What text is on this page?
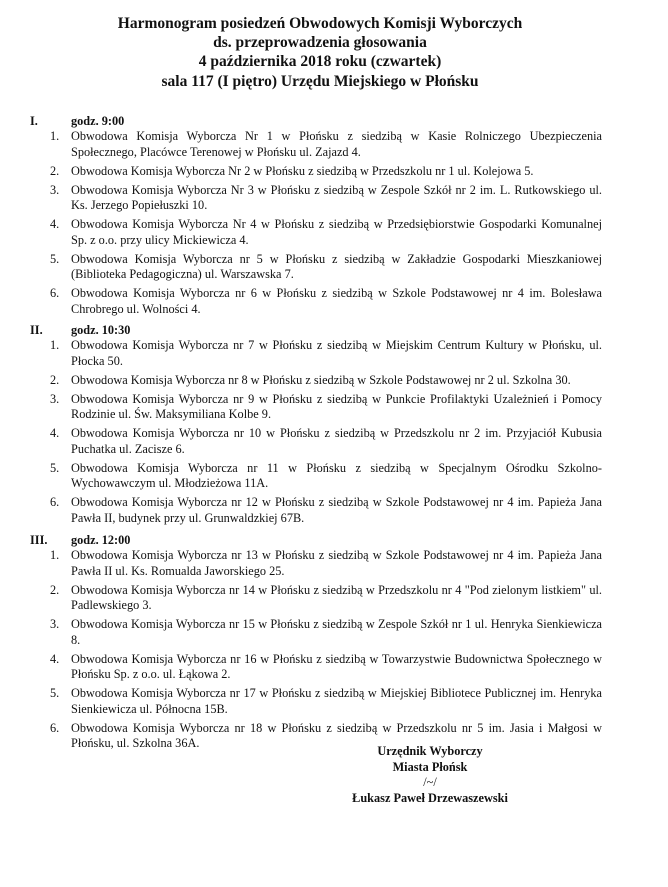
Harmonogram posiedzeń Obwodowych Komisji Wyborczych
ds. przeprowadzenia głosowania
4 października 2018 roku (czwartek)
sala 117 (I piętro) Urzędu Miejskiego w Płońsku
I.	godz. 9:00
1. Obwodowa Komisja Wyborcza Nr 1 w Płońsku z siedzibą w Kasie Rolniczego Ubezpieczenia Społecznego, Placówce Terenowej w Płońsku ul. Zajazd 4.
2. Obwodowa Komisja Wyborcza Nr 2 w Płońsku z siedzibą w Przedszkolu nr 1 ul. Kolejowa 5.
3. Obwodowa Komisja Wyborcza Nr 3 w Płońsku z siedzibą w Zespole Szkół nr 2 im. L. Rutkowskiego ul. Ks. Jerzego Popiełuszki 10.
4. Obwodowa Komisja Wyborcza Nr 4 w Płońsku z siedzibą w Przedsiębiorstwie Gospodarki Komunalnej Sp. z o.o. przy ulicy Mickiewicza 4.
5. Obwodowa Komisja Wyborcza nr 5 w Płońsku z siedzibą w Zakładzie Gospodarki Mieszkaniowej (Biblioteka Pedagogiczna) ul. Warszawska 7.
6. Obwodowa Komisja Wyborcza nr 6 w Płońsku z siedzibą w Szkole Podstawowej nr 4 im. Bolesława Chrobrego ul. Wolności 4.
II. godz. 10:30
1. Obwodowa Komisja Wyborcza nr 7 w Płońsku z siedzibą w Miejskim Centrum Kultury w Płońsku, ul. Płocka 50.
2. Obwodowa Komisja Wyborcza nr 8 w Płońsku z siedzibą w Szkole Podstawowej nr 2 ul. Szkolna 30.
3. Obwodowa Komisja Wyborcza nr 9 w Płońsku z siedzibą w Punkcie Profilaktyki Uzależnień i Pomocy Rodzinie ul. Św. Maksymiliana Kolbe 9.
4. Obwodowa Komisja Wyborcza nr 10 w Płońsku z siedzibą w Przedszkolu nr 2 im. Przyjaciół Kubusia Puchatka ul. Zacisze 6.
5. Obwodowa Komisja Wyborcza nr 11 w Płońsku z siedzibą w Specjalnym Ośrodku Szkolno-Wychowawczym ul. Młodzieżowa 11A.
6. Obwodowa Komisja Wyborcza nr 12 w Płońsku z siedzibą w Szkole Podstawowej nr 4 im. Papieża Jana Pawła II, budynek przy ul. Grunwaldzkiej 67B.
III. godz. 12:00
1. Obwodowa Komisja Wyborcza nr 13 w Płońsku z siedzibą w Szkole Podstawowej nr 4 im. Papieża Jana Pawła II ul. Ks. Romualda Jaworskiego 25.
2. Obwodowa Komisja Wyborcza nr 14 w Płońsku z siedzibą w Przedszkolu nr 4 "Pod zielonym listkiem" ul. Padlewskiego 3.
3. Obwodowa Komisja Wyborcza nr 15 w Płońsku z siedzibą w Zespole Szkół nr 1 ul. Henryka Sienkiewicza 8.
4. Obwodowa Komisja Wyborcza nr 16 w Płońsku z siedzibą w Towarzystwie Budownictwa Społecznego w Płońsku Sp. z o.o. ul. Łąkowa 2.
5. Obwodowa Komisja Wyborcza nr 17 w Płońsku z siedzibą w Miejskiej Bibliotece Publicznej im. Henryka Sienkiewicza ul. Północna 15B.
6. Obwodowa Komisja Wyborcza nr 18 w Płońsku z siedzibą w Przedszkolu nr 5 im. Jasia i Małgosi w Płońsku, ul. Szkolna 36A.
Urzędnik Wyborczy
Miasta Płońsk
/~/
Łukasz Paweł Drzewaszewski
